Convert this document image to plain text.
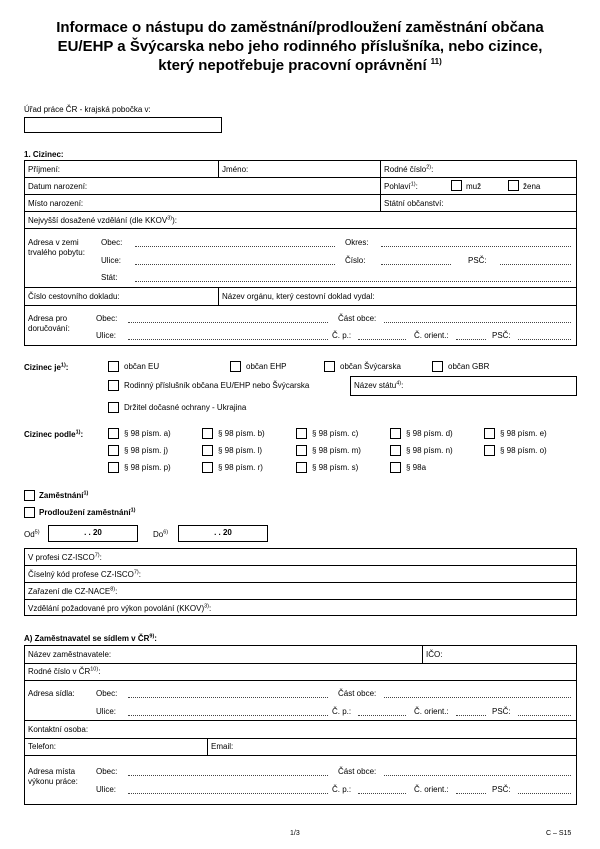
Informace o nástupu do zaměstnání/prodloužení zaměstnání občana
EU/EHP a Švýcarska nebo jeho rodinného příslušníka, nebo cizince,
který nepotřebuje pracovní oprávnění $^{11)}$
Úřad práce ČR - krajská pobočka v:
1. Cizinec:
Příjmení:	Jméno:	Rodné číslo$^{2)}$:
Datum narození:	Pohlaví$^{1)}$:	muž	žena
Místo narození:	Státní občanství:
Nejvyšší dosažené vzdělání (dle KKOV$^{3)}$):
Adresa v zemi
trvalého pobytu:
Obec:	Okres:
Ulice:	Číslo:	PSČ:
Stát:
Číslo cestovního dokladu:	Název orgánu, který cestovní doklad vydal:
Adresa pro
doručování:
Obec:	Část obce:
Ulice:	Č. p.:	Č. orient.:	PSČ:
Cizinec $je^{1)}$:	občan EU	občan EHP	občan Švýcarska	občan GBR
Rodinný příslušník občana EU/EHP nebo Švýcarska	Název státu$^{4)}$:
Držitel dočasné ochrany - Ukrajina
Cizinec podle$^{1)}$:	§ 98 písm. a)	§ 98 písm. b)	§ 98 písm. c)	§ 98 písm. d)	§ 98 písm. e)
§ 98 písm. j)	§ 98 písm. l)	§ 98 písm. m)	§ 98 písm. n)	§ 98 písm. o)
§ 98 písm. p)	§ 98 písm. r)	§ 98 písm. s)	§ 98a
Zaměstnání$^{1)}$
Prodloužení zaměstnání$^{1)}$
Od$^{5)}$	. . 20	Do$^{6)}$	. . 20
V profesi CZ-ISCO$^{7)}$:
Číselný kód profese CZ-ISCO$^{7)}$:
Zařazení dle CZ-NACE$^{8)}$:
Vzdělání požadované pro výkon povolání (KKOV)$^{3)}$:
A) Zaměstnavatel se sídlem v ČR$^{9)}$:
Název zaměstnavatele:	IČO:
Rodné číslo v ČR$^{10)}$:
Adresa sídla:	Obec:	Část obce:
Ulice:	Č. p.:	Č. orient.:	PSČ:
Kontaktní osoba:
Telefon:	Email:
Adresa místa
výkonu práce:
Obec:	Část obce:
Ulice:	Č. p.:	Č. orient.:	PSČ:
1/3	C – S15
